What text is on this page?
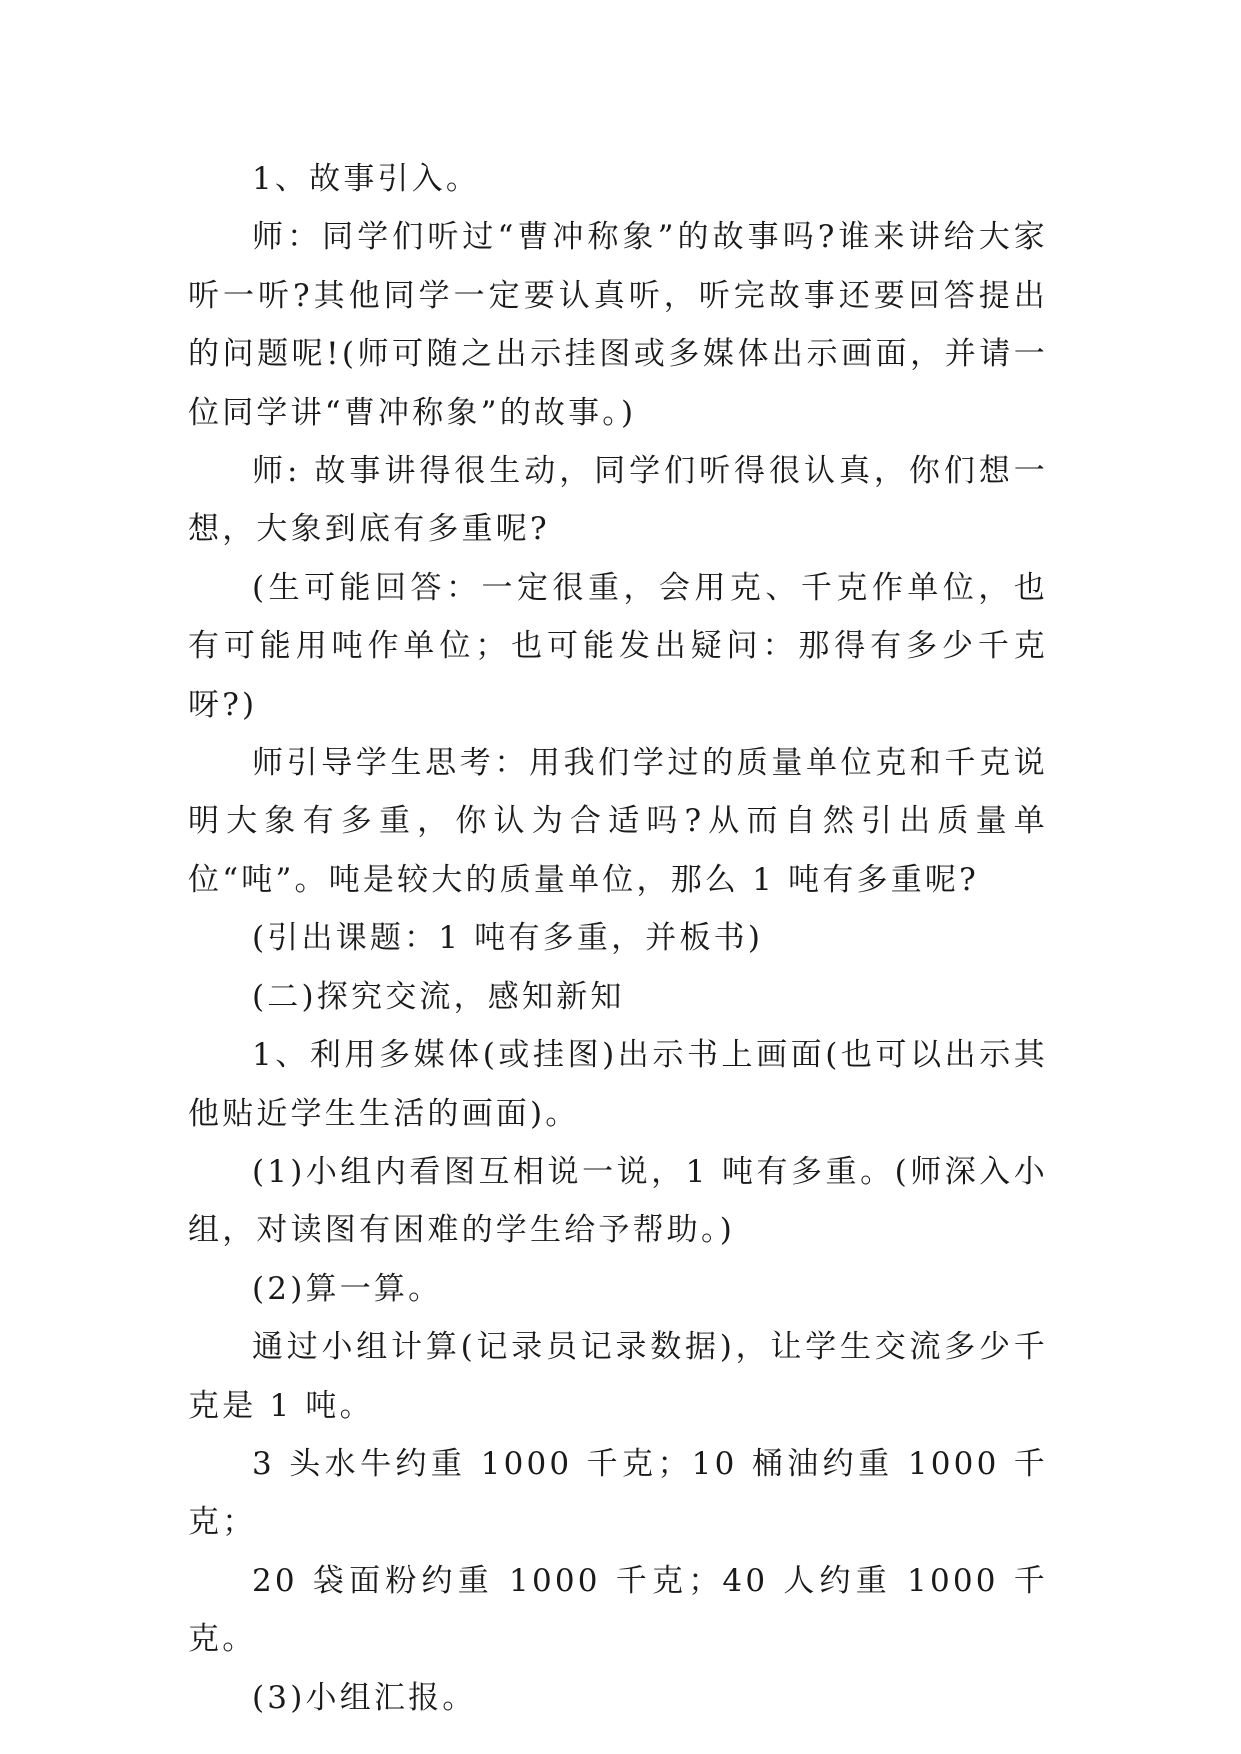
1、故事引入。

师：同学们听过“曹冲称象”的故事吗?谁来讲给大家听一听?其他同学一定要认真听，听完故事还要回答提出的问题呢!(师可随之出示挂图或多媒体出示画面，并请一位同学讲“曹冲称象”的故事。)

师: 故事讲得很生动，同学们听得很认真，你们想一想，大象到底有多重呢?

(生可能回答：一定很重，会用克、千克作单位，也有可能用吨作单位；也可能发出疑问：那得有多少千克呀?)

师引导学生思考：用我们学过的质量单位克和千克说明大象有多重，你认为合适吗?从而自然引出质量单位“吨”。吨是较大的质量单位，那么 1 吨有多重呢?

(引出课题：1 吨有多重，并板书)

(二)探究交流，感知新知

1、利用多媒体(或挂图)出示书上画面(也可以出示其他贴近学生生活的画面)。

(1)小组内看图互相说一说，1 吨有多重。(师深入小组，对读图有困难的学生给予帮助。)

(2)算一算。

通过小组计算(记录员记录数据)，让学生交流多少千克是 1 吨。

3 头水牛约重 1000 千克；10 桶油约重 1000 千克；

20 袋面粉约重 1000 千克；40 人约重 1000 千克。

(3)小组汇报。
